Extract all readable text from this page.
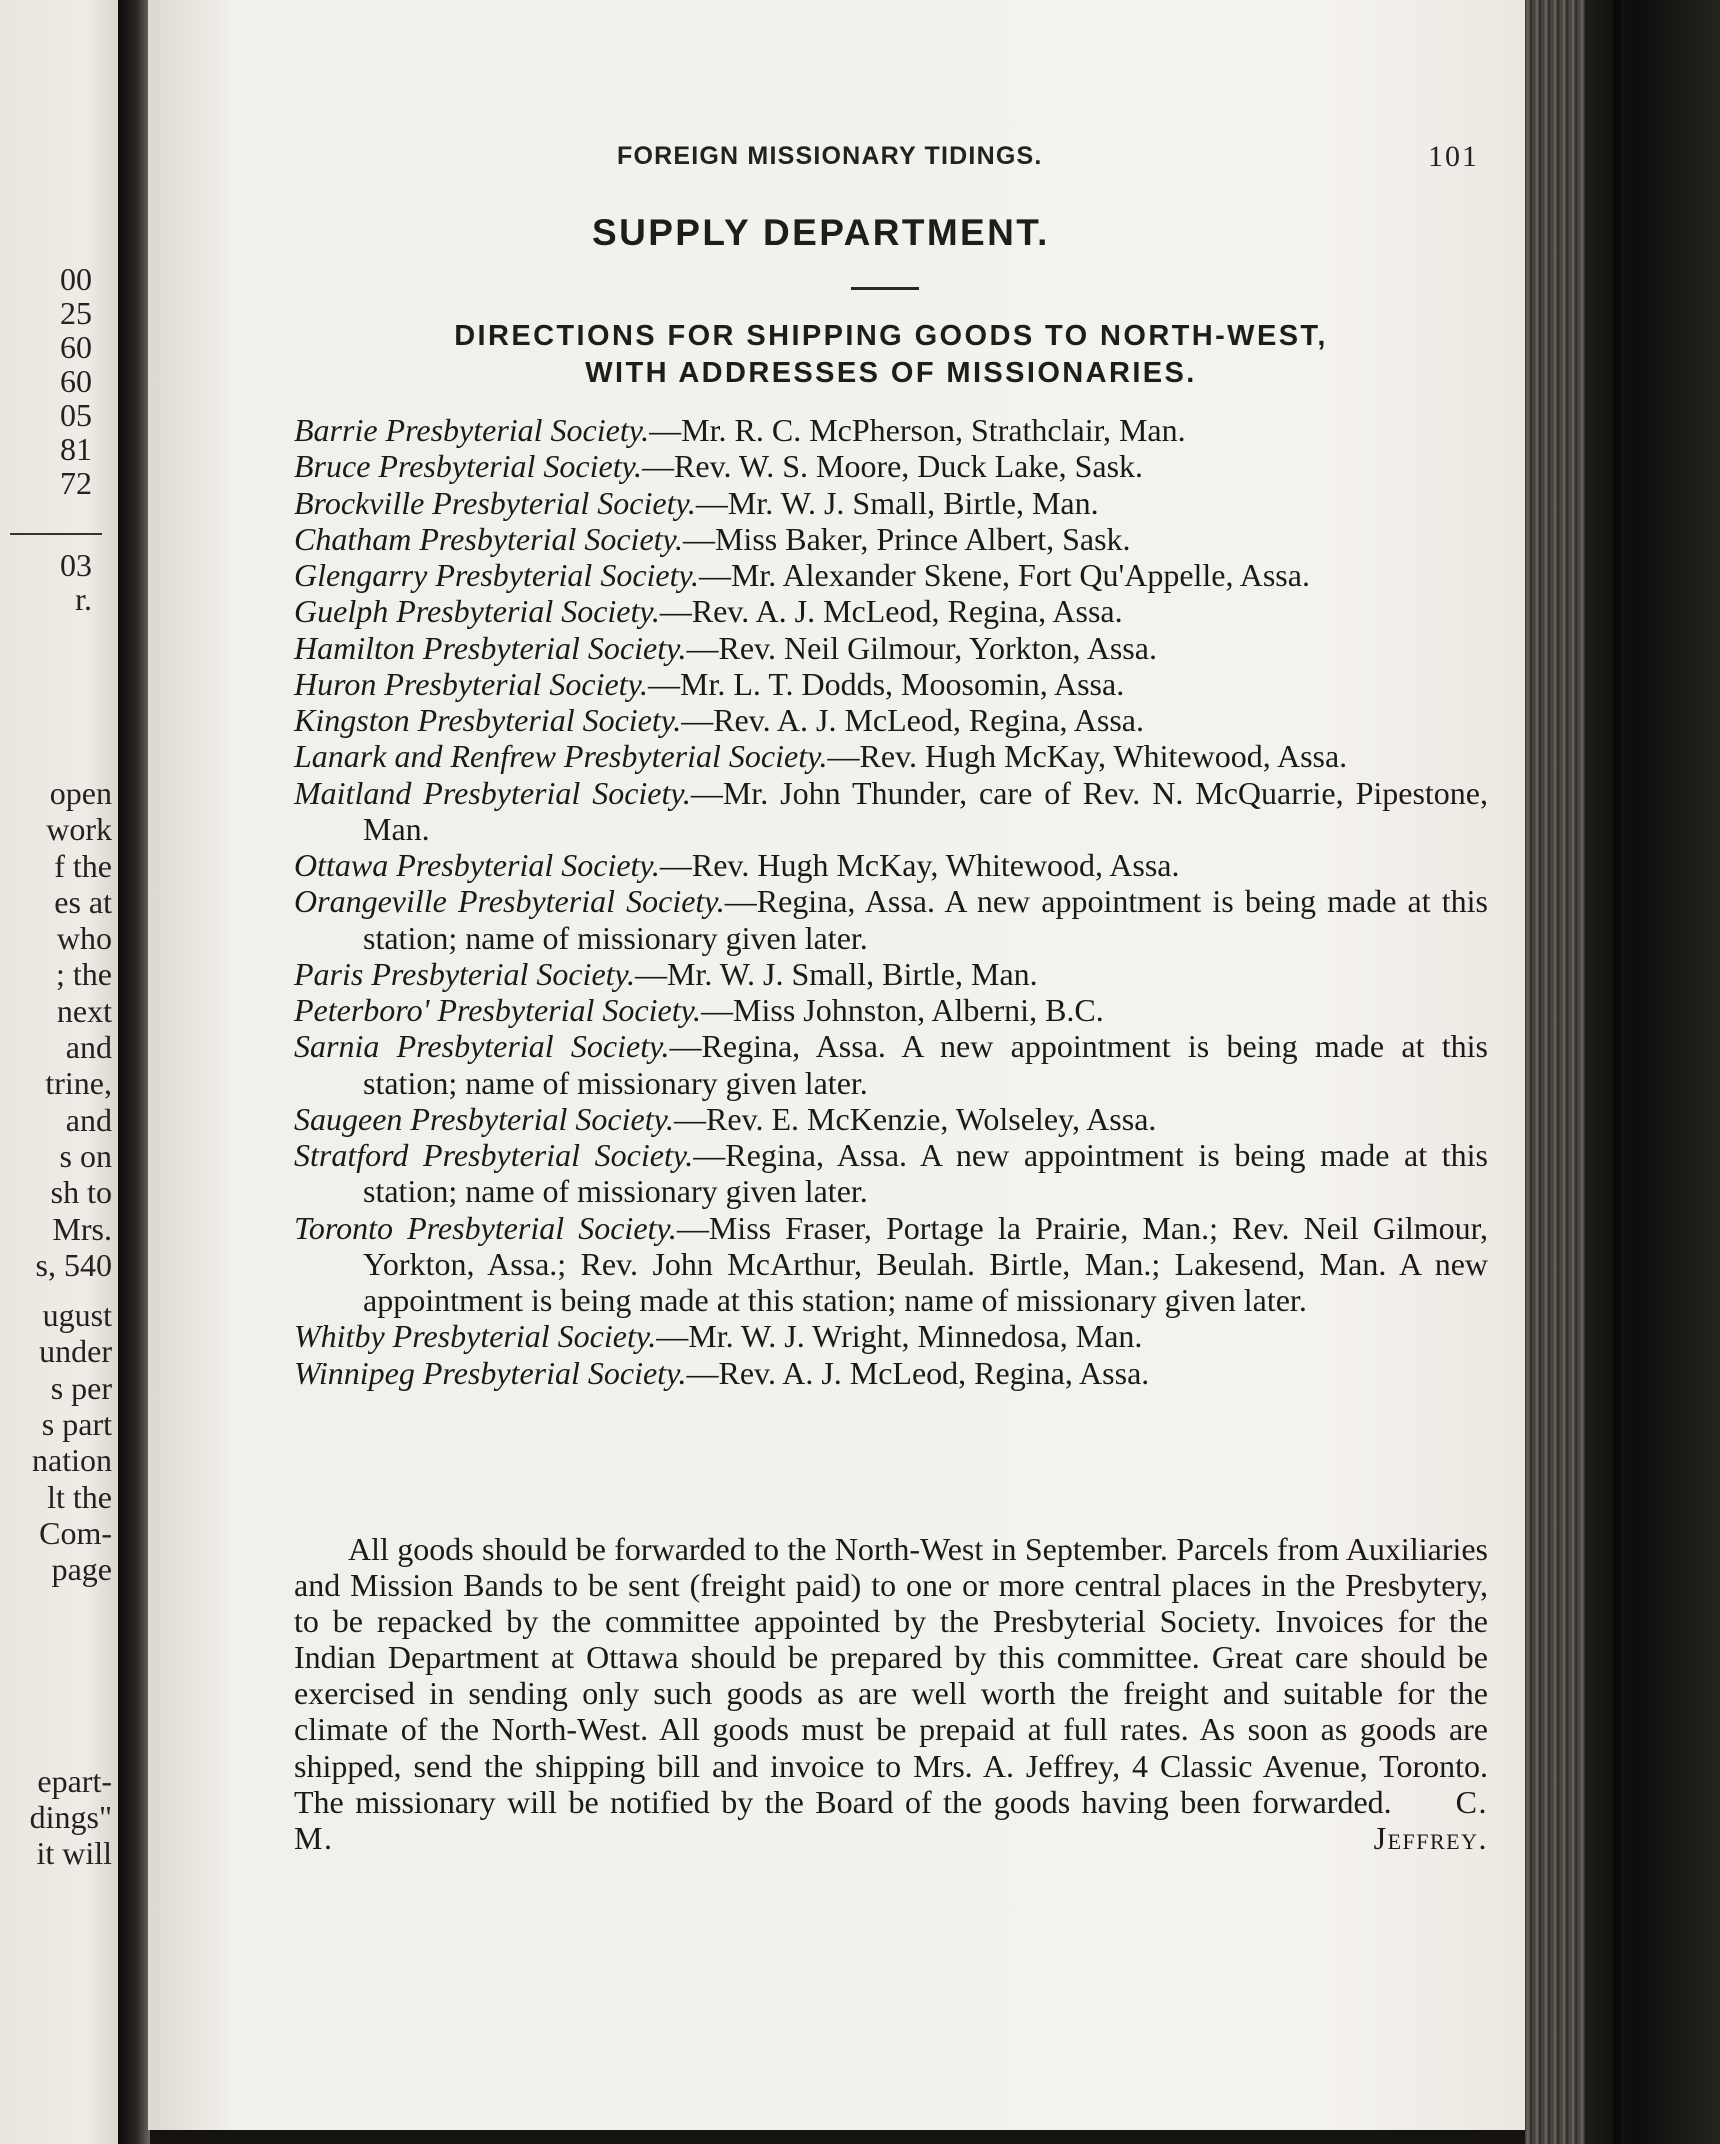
00
25
60
60
05
81
72
03
r.
open
work
f the
es at
who
; the
next
and
trine,
and
s on
sh to
Mrs.
s, 540
ugust
under
s per
s part
nation
lt the
Com-
page
epart-
dings"
it will
FOREIGN MISSIONARY TIDINGS.	101
SUPPLY DEPARTMENT.
DIRECTIONS FOR SHIPPING GOODS TO NORTH-WEST,
WITH ADDRESSES OF MISSIONARIES.
Barrie Presbyterial Society.—Mr. R. C. McPherson, Strathclair, Man.
Bruce Presbyterial Society.—Rev. W. S. Moore, Duck Lake, Sask.
Brockville Presbyterial Society.—Mr. W. J. Small, Birtle, Man.
Chatham Presbyterial Society.—Miss Baker, Prince Albert, Sask.
Glengarry Presbyterial Society.—Mr. Alexander Skene, Fort Qu'Appelle, Assa.
Guelph Presbyterial Society.—Rev. A. J. McLeod, Regina, Assa.
Hamilton Presbyterial Society.—Rev. Neil Gilmour, Yorkton, Assa.
Huron Presbyterial Society.—Mr. L. T. Dodds, Moosomin, Assa.
Kingston Presbyterial Society.—Rev. A. J. McLeod, Regina, Assa.
Lanark and Renfrew Presbyterial Society.—Rev. Hugh McKay, Whitewood, Assa.
Maitland Presbyterial Society.—Mr. John Thunder, care of Rev. N. McQuarrie, Pipestone, Man.
Ottawa Presbyterial Society.—Rev. Hugh McKay, Whitewood, Assa.
Orangeville Presbyterial Society.—Regina, Assa. A new appointment is being made at this station; name of missionary given later.
Paris Presbyterial Society.—Mr. W. J. Small, Birtle, Man.
Peterboro' Presbyterial Society.—Miss Johnston, Alberni, B.C.
Sarnia Presbyterial Society.—Regina, Assa. A new appointment is being made at this station; name of missionary given later.
Saugeen Presbyterial Society.—Rev. E. McKenzie, Wolseley, Assa.
Stratford Presbyterial Society.—Regina, Assa. A new appointment is being made at this station; name of missionary given later.
Toronto Presbyterial Society.—Miss Fraser, Portage la Prairie, Man.; Rev. Neil Gilmour, Yorkton, Assa.; Rev. John McArthur, Beulah. Birtle, Man.; Lakesend, Man. A new appointment is being made at this station; name of missionary given later.
Whitby Presbyterial Society.—Mr. W. J. Wright, Minnedosa, Man.
Winnipeg Presbyterial Society.—Rev. A. J. McLeod, Regina, Assa.
All goods should be forwarded to the North-West in September. Parcels from Auxiliaries and Mission Bands to be sent (freight paid) to one or more central places in the Presbytery, to be repacked by the committee appointed by the Presbyterial Society. Invoices for the Indian Department at Ottawa should be prepared by this committee. Great care should be exercised in sending only such goods as are well worth the freight and suitable for the climate of the North-West. All goods must be prepaid at full rates. As soon as goods are shipped, send the shipping bill and invoice to Mrs. A. Jeffrey, 4 Classic Avenue, Toronto. The missionary will be notified by the Board of the goods having been forwarded.   C. M. Jeffrey.
